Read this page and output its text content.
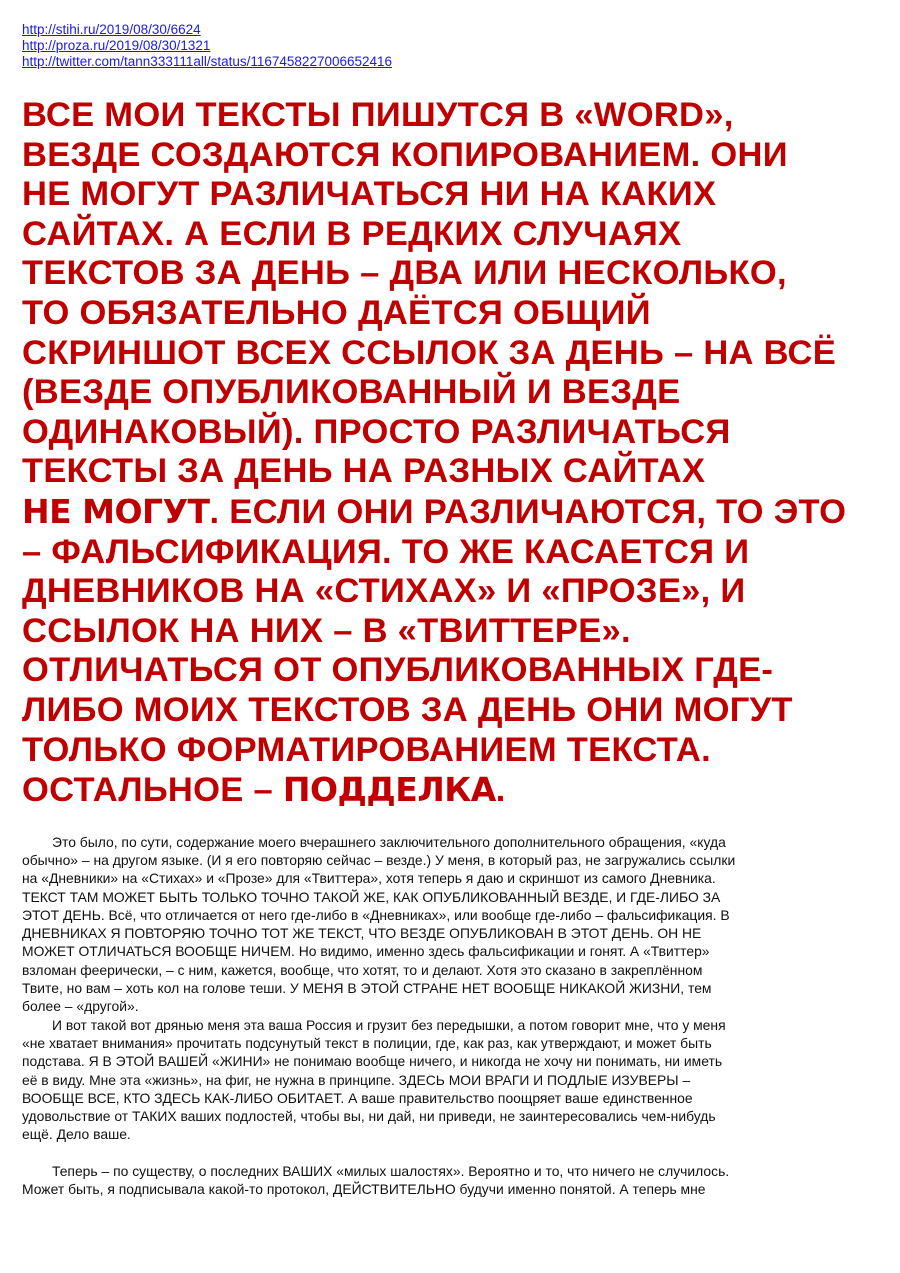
http://stihi.ru/2019/08/30/6624
http://proza.ru/2019/08/30/1321
http://twitter.com/tann333111all/status/1167458227006652416
ВСЕ МОИ ТЕКСТЫ ПИШУТСЯ В «WORD»,
ВЕЗДЕ СОЗДАЮТСЯ КОПИРОВАНИЕМ. ОНИ
НЕ МОГУТ РАЗЛИЧАТЬСЯ НИ НА КАКИХ
САЙТАХ. А ЕСЛИ В РЕДКИХ СЛУЧАЯХ
ТЕКСТОВ ЗА ДЕНЬ – ДВА ИЛИ НЕСКОЛЬКО,
ТО ОБЯЗАТЕЛЬНО ДАЁТСЯ ОБЩИЙ
СКРИНШОТ ВСЕХ ССЫЛОК ЗА ДЕНЬ – НА ВСЁ
(ВЕЗДЕ ОПУБЛИКОВАННЫЙ И ВЕЗДЕ
ОДИНАКОВЫЙ). ПРОСТО РАЗЛИЧАТЬСЯ
ТЕКСТЫ ЗА ДЕНЬ НА РАЗНЫХ САЙТАХ
НЕ МОГУТ. ЕСЛИ ОНИ РАЗЛИЧАЮТСЯ, ТО ЭТО
– ФАЛЬСИФИКАЦИЯ. ТО ЖЕ КАСАЕТСЯ И
ДНЕВНИКОВ НА «СТИХАХ» И «ПРОЗЕ», И
ССЫЛОК НА НИХ – В «ТВИТТЕРЕ».
ОТЛИЧАТЬСЯ ОТ ОПУБЛИКОВАННЫХ ГДЕ-
ЛИБО МОИХ ТЕКСТОВ ЗА ДЕНЬ ОНИ МОГУТ
ТОЛЬКО ФОРМАТИРОВАНИЕМ ТЕКСТА.
ОСТАЛЬНОЕ – ПОДДЕЛКА.
Это было, по сути, содержание моего вчерашнего заключительного дополнительного обращения, «куда
обычно» – на другом языке. (И я его повторяю сейчас – везде.) У меня, в который раз, не загружались ссылки
на «Дневники» на «Стихах» и «Прозе» для «Твиттера», хотя теперь я даю и скриншот из самого Дневника.
ТЕКСТ ТАМ МОЖЕТ БЫТЬ ТОЛЬКО ТОЧНО ТАКОЙ ЖЕ, КАК ОПУБЛИКОВАННЫЙ ВЕЗДЕ, И ГДЕ-ЛИБО ЗА
ЭТОТ ДЕНЬ. Всё, что отличается от него где-либо в «Дневниках», или вообще где-либо – фальсификация. В
ДНЕВНИКАХ Я ПОВТОРЯЮ ТОЧНО ТОТ ЖЕ ТЕКСТ, ЧТО ВЕЗДЕ ОПУБЛИКОВАН В ЭТОТ ДЕНЬ. ОН НЕ
МОЖЕТ ОТЛИЧАТЬСЯ ВООБЩЕ НИЧЕМ. Но видимо, именно здесь фальсификации и гонят. А «Твиттер»
взломан феерически, – с ним, кажется, вообще, что хотят, то и делают. Хотя это сказано в закреплённом
Твите, но вам – хоть кол на голове теши. У МЕНЯ В ЭТОЙ СТРАНЕ НЕТ ВООБЩЕ НИКАКОЙ ЖИЗНИ, тем
более – «другой».
И вот такой вот дрянью меня эта ваша Россия и грузит без передышки, а потом говорит мне, что у меня
«не хватает внимания» прочитать подсунутый текст в полиции, где, как раз, как утверждают, и может быть
подстава. Я В ЭТОЙ ВАШЕЙ «ЖИНИ» не понимаю вообще ничего, и никогда не хочу ни понимать, ни иметь
её в виду. Мне эта «жизнь», на фиг, не нужна в принципе. ЗДЕСЬ МОИ ВРАГИ И ПОДЛЫЕ ИЗУВЕРЫ –
ВООБЩЕ ВСЕ, КТО ЗДЕСЬ КАК-ЛИБО ОБИТАЕТ. А ваше правительство поощряет ваше единственное
удовольствие от ТАКИХ ваших подлостей, чтобы вы, ни дай, ни приведи, не заинтересовались чем-нибудь
ещё. Дело ваше.
Теперь – по существу, о последних ВАШИХ «милых шалостях». Вероятно и то, что ничего не случилось.
Может быть, я подписывала какой-то протокол, ДЕЙСТВИТЕЛЬНО будучи именно понятой. А теперь мне
